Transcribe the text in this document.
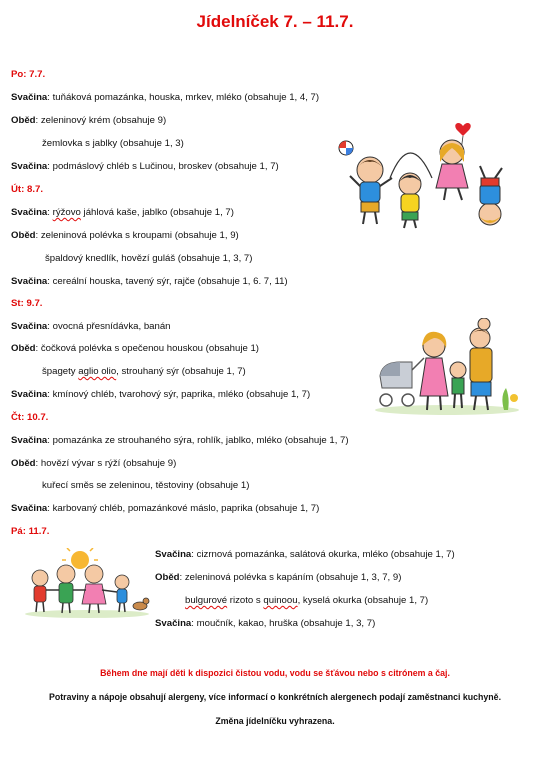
Jídelníček 7. – 11.7.
Po: 7.7.
Svačina: tuňáková pomazánka, houska, mrkev, mléko (obsahuje 1, 4, 7)
Oběd: zeleninový krém (obsahuje 9)
žemlovka s jablky (obsahuje 1, 3)
Svačina: podmáslový chléb s Lučinou, broskev (obsahuje 1, 7)
Út: 8.7.
Svačina: rýžovo jáhlová kaše, jablko (obsahuje 1, 7)
Oběd: zeleninová polévka s kroupami (obsahuje 1, 9)
špaldový knedlík, hovězí guláš (obsahuje 1, 3, 7)
Svačina: cereální houska, tavený sýr, rajče (obsahuje 1, 6. 7, 11)
St: 9.7.
Svačina: ovocná přesnídávka, banán
Oběd: čočková polévka s opečenou houskou (obsahuje 1)
špagety aglio olio, strouhaný sýr (obsahuje 1, 7)
Svačina: kmínový chléb, tvarohový sýr, paprika, mléko (obsahuje 1, 7)
Čt: 10.7.
Svačina: pomazánka ze strouhaného sýra, rohlík, jablko, mléko (obsahuje 1, 7)
Oběd: hovězí vývar s rýží (obsahuje 9)
kuřecí směs se zeleninou, těstoviny (obsahuje 1)
Svačina: karbovaný chléb, pomazánkové máslo, paprika (obsahuje 1, 7)
Pá: 11.7.
Svačina: cizrnová pomazánka, salátová okurka, mléko (obsahuje 1, 7)
Oběd: zeleninová polévka s kapáním (obsahuje 1, 3, 7, 9)
bulgurové rizoto s quinoou, kyselá okurka (obsahuje 1, 7)
Svačina: moučník, kakao, hruška (obsahuje 1, 3, 7)
Během dne mají děti k dispozici čistou vodu, vodu se šťávou nebo s citrónem a čaj.
Potraviny a nápoje obsahují alergeny, více informací o konkrétních alergenech podají zaměstnanci kuchyně.
Změna jídelníčku vyhrazena.
